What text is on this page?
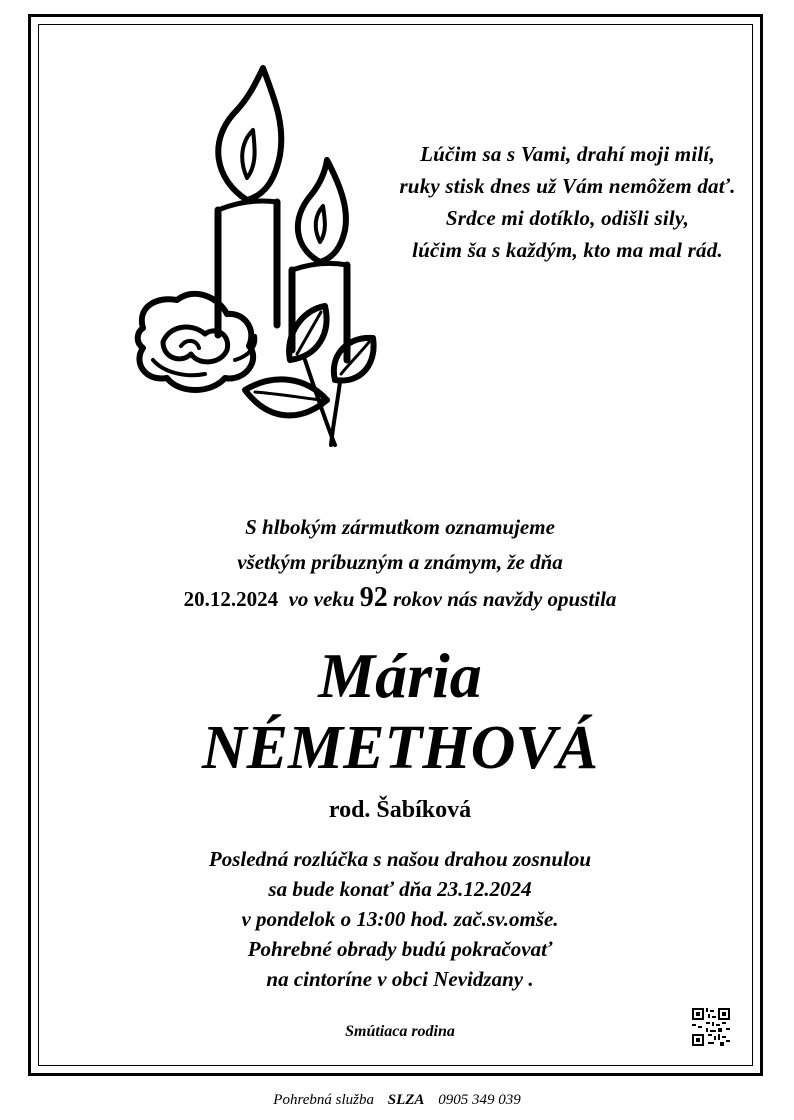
Lúčim sa s Vami, drahí moji milí,
ruky stisk dnes už Vám nemôžem dať.
Srdce mi dotíklo, odišli sily,
lúčim ša s každým, kto ma mal rád.
S hlbokým zármutkom oznamujeme
všetkým príbuzným a známym, že dňa
20.12.2024 vo veku 92 rokov nás navždy opustila
Mária
NÉMETHOVÁ
rod. Šabíková
Posledná rozlúčka s našou drahou zosnulou
sa bude konať dňa 23.12.2024
v pondelok o 13:00 hod. zač.sv.omše.
Pohrebné obrady budú pokračovať
na cintoríne v obci Nevidzany .
Smútiaca rodina
Pohrebná služba SLZA 0905 349 039
